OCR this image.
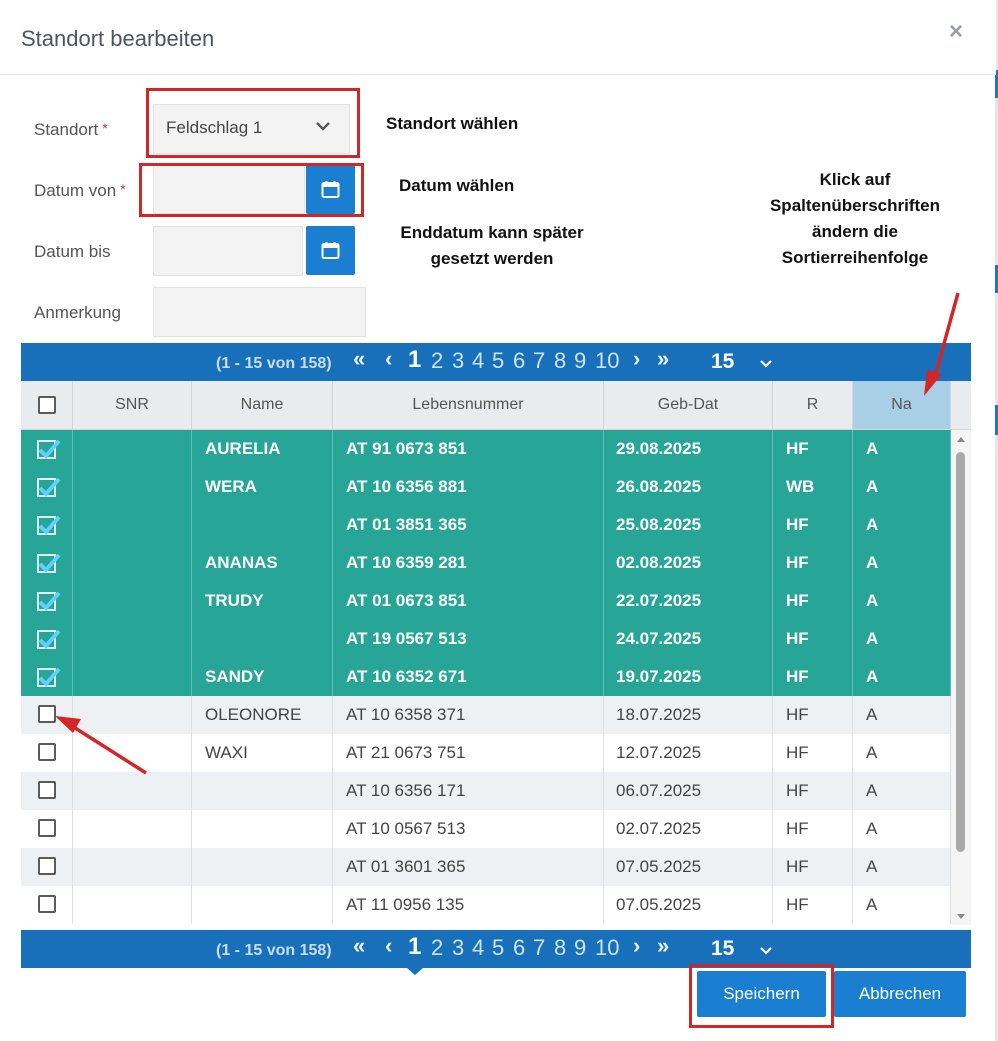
Standort bearbeiten	×
Standort *	Feldschlag 1
Datum von *
Datum bis
Anmerkung
Standort wählen
Datum wählen
Enddatum kann später
gesetzt werden
Klick auf
Spaltenüberschriften
ändern die
Sortierreihenfolge
(1 - 15 von 158) « ‹ 1 2 3 4 5 6 7 8 9 10 › » 15
SNR	Name	Lebensnummer	Geb-Dat	R	Na
AURELIA	AT 91 0673 851	29.08.2025	HF	A
WERA	AT 10 6356 881	26.08.2025	WB	A
AT 01 3851 365	25.08.2025	HF	A
ANANAS	AT 10 6359 281	02.08.2025	HF	A
TRUDY	AT 01 0673 851	22.07.2025	HF	A
AT 19 0567 513	24.07.2025	HF	A
SANDY	AT 10 6352 671	19.07.2025	HF	A
OLEONORE	AT 10 6358 371	18.07.2025	HF	A
WAXI	AT 21 0673 751	12.07.2025	HF	A
AT 10 6356 171	06.07.2025	HF	A
AT 10 0567 513	02.07.2025	HF	A
AT 01 3601 365	07.05.2025	HF	A
AT 11 0956 135	07.05.2025	HF	A
(1 - 15 von 158) « ‹ 1 2 3 4 5 6 7 8 9 10 › » 15
Speichern	Abbrechen
